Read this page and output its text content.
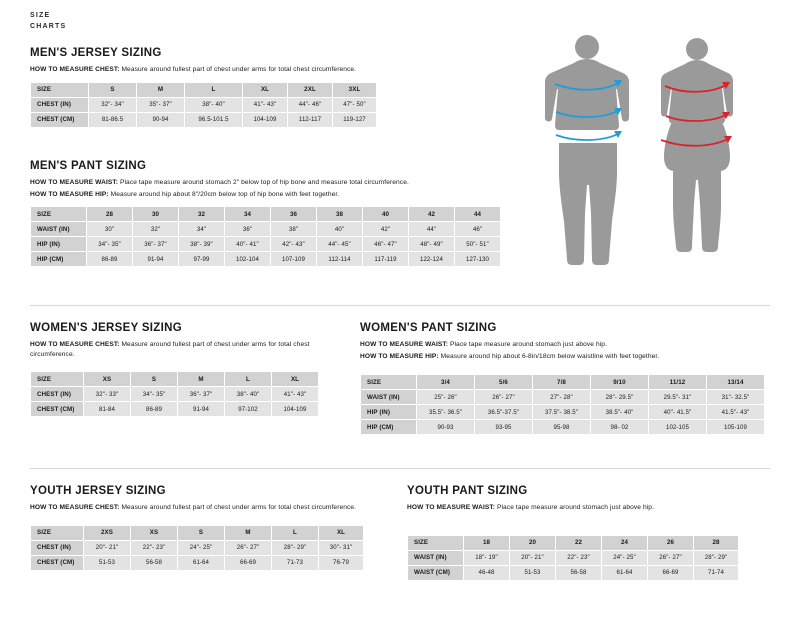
SIZE
CHARTS
MEN'S JERSEY SIZING

HOW TO MEASURE CHEST: Measure around fullest part of chest under arms for total chest circumference.

SIZE	S	M	L	XL	2XL	3XL
CHEST (IN)	32"- 34"	35"- 37"	38"- 40"	41"- 43"	44"- 46"	47"- 50"
CHEST (CM)	81-86.5	90-94	96.5-101.5	104-109	112-117	119-127
MEN'S PANT SIZING

HOW TO MEASURE WAIST: Place tape measure around stomach 2" below top of hip bone and measure total circumference.

HOW TO MEASURE HIP: Measure around hip about 8"/20cm below top of hip bone with feet together.

SIZE	28	30	32	34	36	38	40	42	44
WAIST (IN)	30"	32"	34"	36"	38"	40"	42"	44"	46"
HIP (IN)	34"- 35"	36"- 37"	38"- 39"	40"- 41"	42"- 43"	44"- 45"	46"- 47"	48"- 49"	50"- 51"
HIP (CM)	86-89	91-94	97-99	102-104	107-109	112-114	117-119	122-124	127-130
WOMEN'S JERSEY SIZING

HOW TO MEASURE CHEST: Measure around fullest part of chest under arms for total chest circumference.

SIZE	XS	S	M	L	XL
CHEST (IN)	32"- 33"	34"- 35"	36"- 37"	38"- 40"	41"- 43"
CHEST (CM)	81-84	86-89	91-94	97-102	104-109
WOMEN'S PANT SIZING

HOW TO MEASURE WAIST: Place tape measure around stomach just above hip.

HOW TO MEASURE HIP: Measure around hip about 6-8in/18cm below waistline with feet together.

SIZE	3/4	5/6	7/8	9/10	11/12	13/14
WAIST (IN)	25"- 26"	26"- 27"	27"- 28"	28"- 29.5"	29.5"- 31"	31"- 32.5"
HIP (IN)	35.5"- 36.5"	36.5"-37.5"	37.5"- 38.5"	38.5"- 40"	40"- 41.5"	41.5"- 43"
HIP (CM)	90-93	93-95	95-98	98- 02	102-105	105-109
YOUTH JERSEY SIZING

HOW TO MEASURE CHEST: Measure around fullest part of chest under arms for total chest circumference.

SIZE	2XS	XS	S	M	L	XL
CHEST (IN)	20"- 21"	22"- 23"	24"- 25"	26"- 27"	28"- 29"	30"- 31"
CHEST (CM)	51-53	56-58	61-64	66-69	71-73	76-79
YOUTH PANT SIZING

HOW TO MEASURE WAIST: Place tape measure around stomach just above hip.

SIZE	18	20	22	24	26	28
WAIST (IN)	18"- 19"	20"- 21"	22"- 23"	24"- 25"	26"- 27"	28"- 29"
WAIST (CM)	46-48	51-53	56-58	61-64	66-69	71-74
